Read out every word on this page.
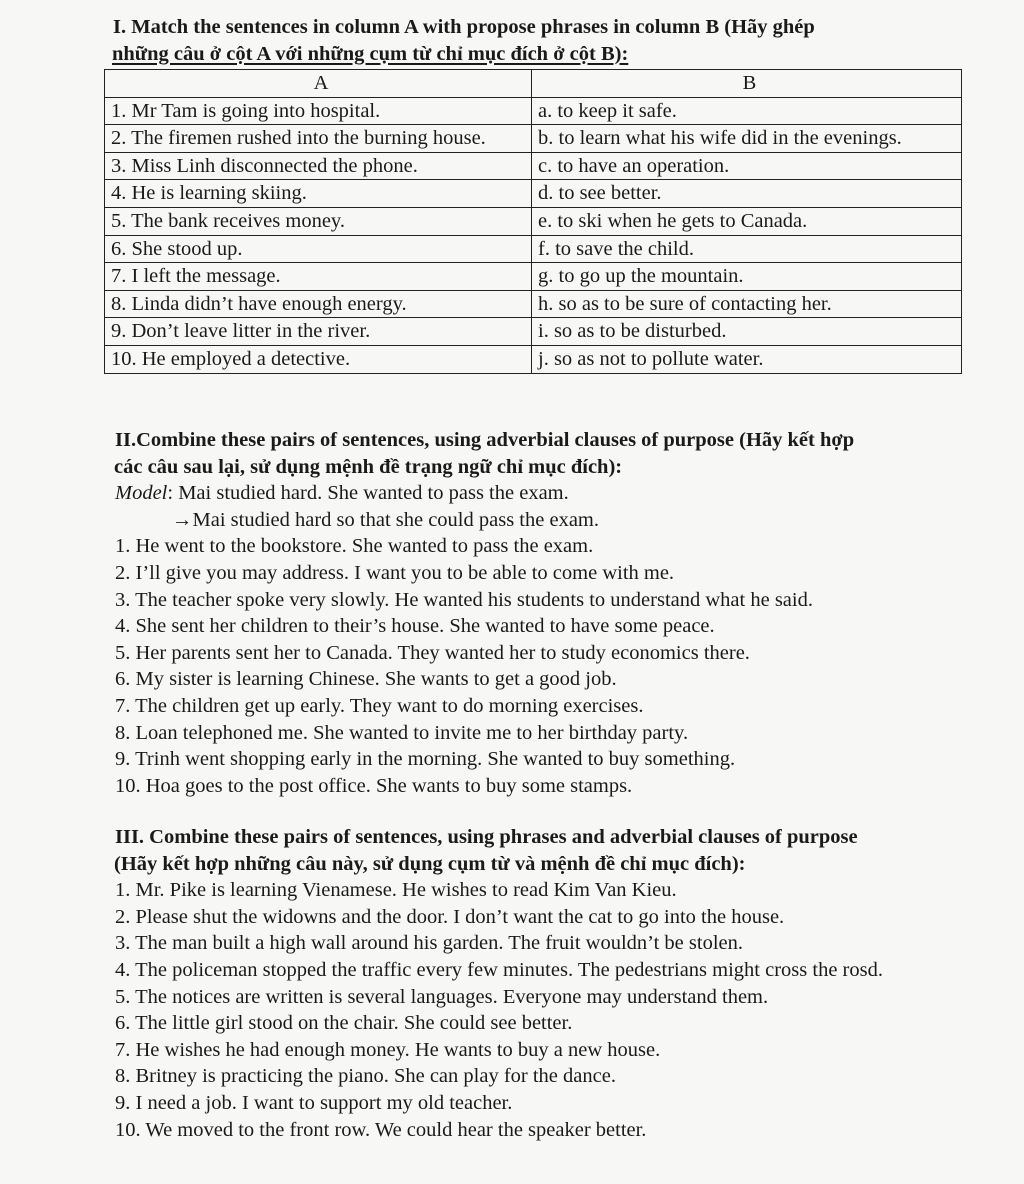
I. Match the sentences in column A with propose phrases in column B (Hãy ghép
những câu ở cột A với những cụm từ chỉ mục đích ở cột B):

A	B
1. Mr Tam is going into hospital.	a. to keep it safe.
2. The firemen rushed into the burning house.	b. to learn what his wife did in the evenings.
3. Miss Linh disconnected the phone.	c. to have an operation.
4. He is learning skiing.	d. to see better.
5. The bank receives money.	e. to ski when he gets to Canada.
6. She stood up.	f. to save the child.
7. I left the message.	g. to go up the mountain.
8. Linda didn’t have enough energy.	h. so as to be sure of contacting her.
9. Don’t leave litter in the river.	i. so as to be disturbed.
10. He employed a detective.	j. so as not to pollute water.

II.Combine these pairs of sentences, using adverbial clauses of purpose (Hãy kết hợp
các câu sau lại, sử dụng mệnh đề trạng ngữ chỉ mục đích):

Model: Mai studied hard. She wanted to pass the exam.

→Mai studied hard so that she could pass the exam.

1. He went to the bookstore. She wanted to pass the exam.
2. I’ll give you may address. I want you to be able to come with me.
3. The teacher spoke very slowly. He wanted his students to understand what he said.
4. She sent her children to their’s house. She wanted to have some peace.
5. Her parents sent her to Canada. They wanted her to study economics there.
6. My sister is learning Chinese. She wants to get a good job.
7. The children get up early. They want to do morning exercises.
8. Loan telephoned me. She wanted to invite me to her birthday party.
9. Trinh went shopping early in the morning. She wanted to buy something.
10. Hoa goes to the post office. She wants to buy some stamps.

III. Combine these pairs of sentences, using phrases and adverbial clauses of purpose
(Hãy kết hợp những câu này, sử dụng cụm từ và mệnh đề chỉ mục đích):

1. Mr. Pike is learning Vienamese. He wishes to read Kim Van Kieu.
2. Please shut the widowns and the door. I don’t want the cat to go into the house.
3. The man built a high wall around his garden. The fruit wouldn’t be stolen.
4. The policeman stopped the traffic every few minutes. The pedestrians might cross the rosd.
5. The notices are written is several languages. Everyone may understand them.
6. The little girl stood on the chair. She could see better.
7. He wishes he had enough money. He wants to buy a new house.
8. Britney is practicing the piano. She can play for the dance.
9. I need a job. I want to support my old teacher.
10. We moved to the front row. We could hear the speaker better.
